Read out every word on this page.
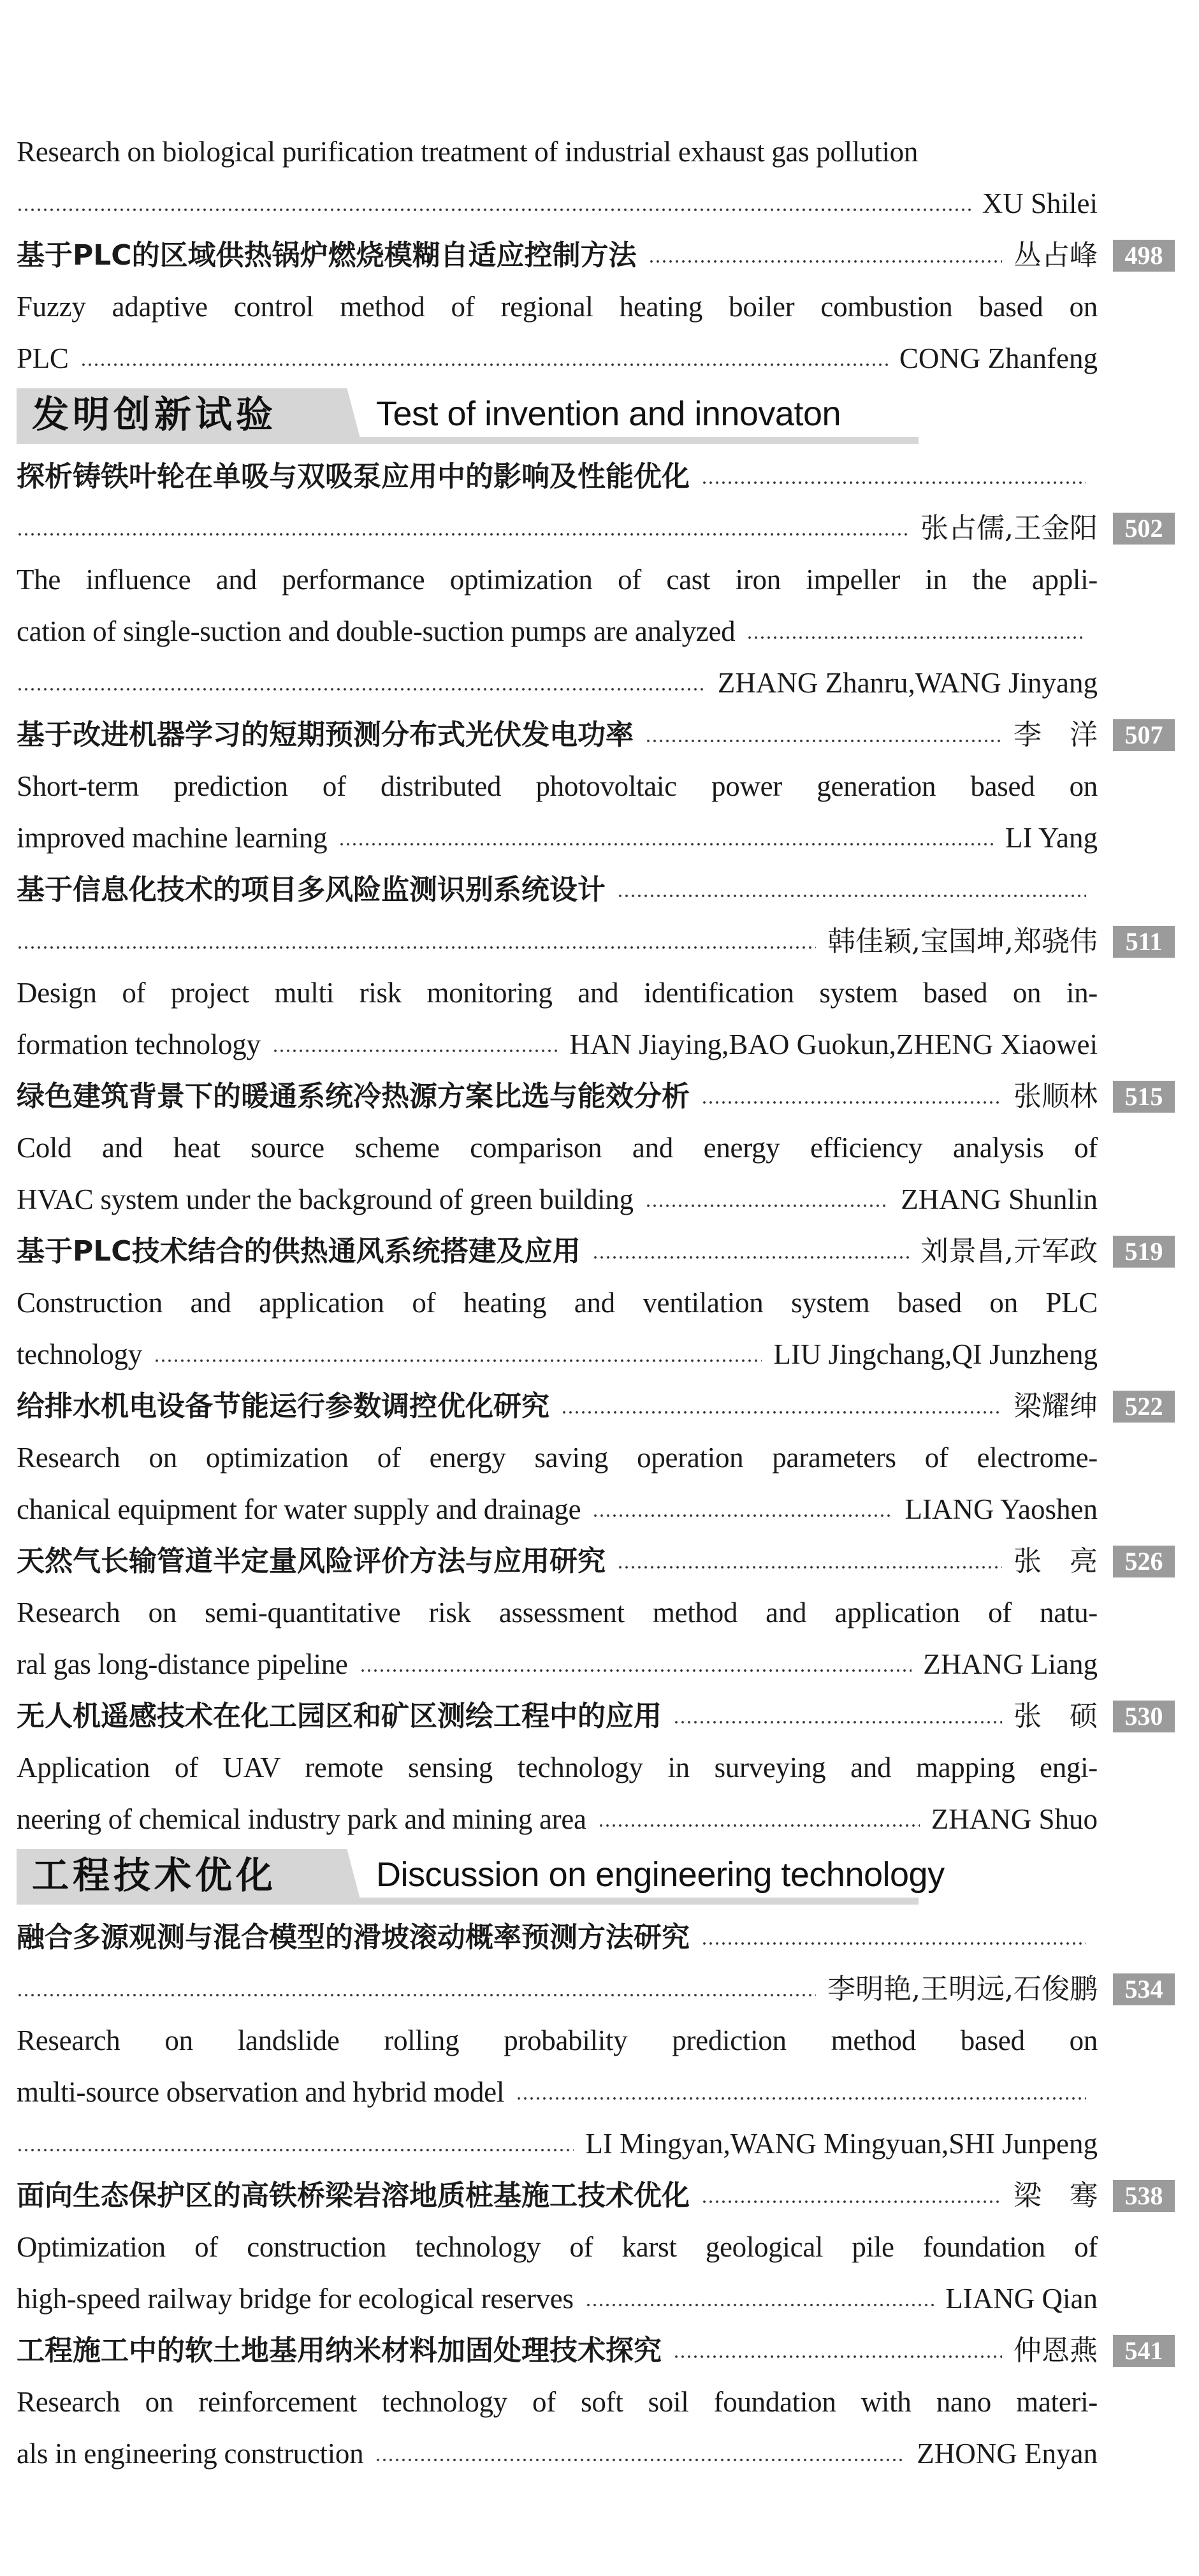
Research on biological purification treatment of industrial exhaust gas pollution
XU Shilei
基于PLC的区域供热锅炉燃烧模糊自适应控制方法	丛占峰	498
Fuzzy adaptive control method of regional heating boiler combustion based on
PLC	CONG Zhanfeng
发明创新试验	Test of invention and innovaton
探析铸铁叶轮在单吸与双吸泵应用中的影响及性能优化
张占儒,王金阳	502
The influence and performance optimization of cast iron impeller in the appli-
cation of single-suction and double-suction pumps are analyzed
ZHANG Zhanru,WANG Jinyang
基于改进机器学习的短期预测分布式光伏发电功率	李　洋	507
Short-term prediction of distributed photovoltaic power generation based on
improved machine learning	LI Yang
基于信息化技术的项目多风险监测识别系统设计
韩佳颖,宝国坤,郑骁伟	511
Design of project multi risk monitoring and identification system based on in-
formation technology	HAN Jiaying,BAO Guokun,ZHENG Xiaowei
绿色建筑背景下的暖通系统冷热源方案比选与能效分析	张顺林	515
Cold and heat source scheme comparison and energy efficiency analysis of
HVAC system under the background of green building	ZHANG Shunlin
基于PLC技术结合的供热通风系统搭建及应用	刘景昌,亓军政	519
Construction and application of heating and ventilation system based on PLC
technology	LIU Jingchang,QI Junzheng
给排水机电设备节能运行参数调控优化研究	梁耀绅	522
Research on optimization of energy saving operation parameters of electrome-
chanical equipment for water supply and drainage	LIANG Yaoshen
天然气长输管道半定量风险评价方法与应用研究	张　亮	526
Research on semi-quantitative risk assessment method and application of natu-
ral gas long-distance pipeline	ZHANG Liang
无人机遥感技术在化工园区和矿区测绘工程中的应用	张　硕	530
Application of UAV remote sensing technology in surveying and mapping engi-
neering of chemical industry park and mining area	ZHANG Shuo
工程技术优化	Discussion on engineering technology
融合多源观测与混合模型的滑坡滚动概率预测方法研究
李明艳,王明远,石俊鹏	534
Research on landslide rolling probability prediction method based on
multi-source observation and hybrid model
LI Mingyan,WANG Mingyuan,SHI Junpeng
面向生态保护区的高铁桥梁岩溶地质桩基施工技术优化	梁　骞	538
Optimization of construction technology of karst geological pile foundation of
high-speed railway bridge for ecological reserves	LIANG Qian
工程施工中的软土地基用纳米材料加固处理技术探究	仲恩燕	541
Research on reinforcement technology of soft soil foundation with nano materi-
als in engineering construction	ZHONG Enyan
